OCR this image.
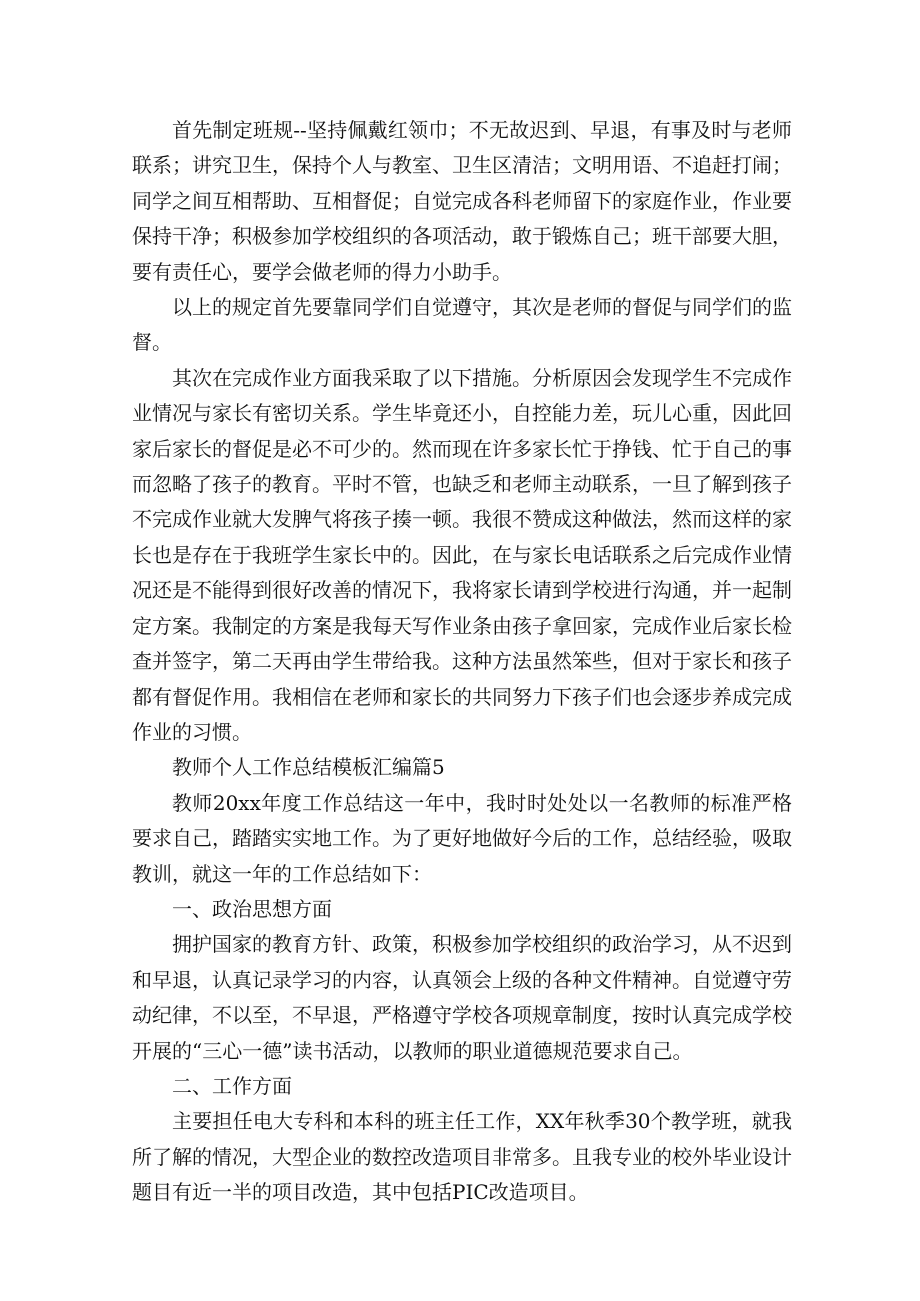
首先制定班规--坚持佩戴红领巾；不无故迟到、早退，有事及时与老师联系；讲究卫生，保持个人与教室、卫生区清洁；文明用语、不追赶打闹；同学之间互相帮助、互相督促；自觉完成各科老师留下的家庭作业，作业要保持干净；积极参加学校组织的各项活动，敢于锻炼自己；班干部要大胆，要有责任心，要学会做老师的得力小助手。

以上的规定首先要靠同学们自觉遵守，其次是老师的督促与同学们的监督。

其次在完成作业方面我采取了以下措施。分析原因会发现学生不完成作业情况与家长有密切关系。学生毕竟还小，自控能力差，玩儿心重，因此回家后家长的督促是必不可少的。然而现在许多家长忙于挣钱、忙于自己的事而忽略了孩子的教育。平时不管，也缺乏和老师主动联系，一旦了解到孩子不完成作业就大发脾气将孩子揍一顿。我很不赞成这种做法，然而这样的家长也是存在于我班学生家长中的。因此，在与家长电话联系之后完成作业情况还是不能得到很好改善的情况下，我将家长请到学校进行沟通，并一起制定方案。我制定的方案是我每天写作业条由孩子拿回家，完成作业后家长检查并签字，第二天再由学生带给我。这种方法虽然笨些，但对于家长和孩子都有督促作用。我相信在老师和家长的共同努力下孩子们也会逐步养成完成作业的习惯。

教师个人工作总结模板汇编篇5

教师20xx年度工作总结这一年中，我时时处处以一名教师的标准严格要求自己，踏踏实实地工作。为了更好地做好今后的工作，总结经验，吸取教训，就这一年的工作总结如下：

一、政治思想方面

拥护国家的教育方针、政策，积极参加学校组织的政治学习，从不迟到和早退，认真记录学习的内容，认真领会上级的各种文件精神。自觉遵守劳动纪律，不以至，不早退，严格遵守学校各项规章制度，按时认真完成学校开展的“三心一德”读书活动，以教师的职业道德规范要求自己。

二、工作方面

主要担任电大专科和本科的班主任工作，XX年秋季30个教学班，就我所了解的情况，大型企业的数控改造项目非常多。且我专业的校外毕业设计题目有近一半的项目改造，其中包括PIC改造项目。
